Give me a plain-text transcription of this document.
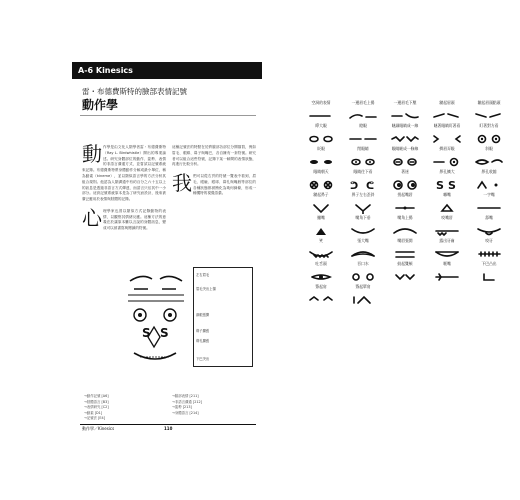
A-6 Kinesics
雷・布德費斯特的臉部表情記號
動作學
動 作學是由文化人類學者雷・布德費斯特（Ray L. Birdwhistle）開出的專業論述。研究身體部位的動作、姿勢、表情的非語言溝通方式，並嘗試以記號系統來記錄。布德費斯特將身體動作分解成最小單位，稱為動素（kineme），並以類似語言學的方法分析其組合規則。他認為人類溝通中有約百分之六十五以上的訊息是透過非語言方式傳達，而語言只佔其中一小部分。這套記號系統原本是為了研究而設計，後來被廣泛應用於表情與肢體的記錄。

心 理學家也曾以類似方式記錄動物的表情，以觀察其情緒反應。這種方法的意義在於讓原本難以言說的身體訊息，變成可以被書寫與閱讀的符號。
這種記號法的特點在於將臉部各部位分開描寫，例如眉毛、眼睛、鼻子與嘴巴，各自擁有一套符號。研究者可以組合這些符號，記錄下某一瞬間的表情狀態，再進行比較分析。

我 們可以從右頁的符號一覽表中看到，眉毛、眼瞼、眼球、鼻孔與嘴唇等部位的各種狀態都被簡化為幾何線條，形成一種獨特的視覺語彙。
S S
左右眉毛
眉毛突出上揚
兩眼張開
鼻子擴張
鼻孔擴張
下巴突出
→動作記號 [A6]
→肢體語言 [B3]
→表情研究 [C2]
→動素 [D1]
→記號法 [E4]
→臉部表情 [211]
→非語言溝通 [212]
→姿勢 [213]
→身體語言 [214]
動作學／Kinesics	110
空洞的表情	一邊眉毛上揚	一邊眉毛下壓	皺起眉頭	皺起眉頭點頭
睜大眼	瞪眼	瞇細眼睛成一線	瞇著眼睛盯著看	盯著對方看
眨眼	閉眼睛	眼睛瞇成一條線	擠眉弄眼	斜眼
眼睛朝天	眼睛往下看
ᕤ ᕦ
著迷	鼻孔擴大
S S
鼻孔收縮
皺起鼻子	鼻子左右歪斜	抿起嘴唇	嘟嘴	一字嘴
撇嘴	嘴角下垂	嘴角上揚	咬嘴唇	舔嘴
笑	張大嘴	嘴唇張開	露出牙齒	咬牙
吐舌頭	吞口水	鼓起雙頰	咂嘴	下巴凸出
聳起肩	聳起單肩
